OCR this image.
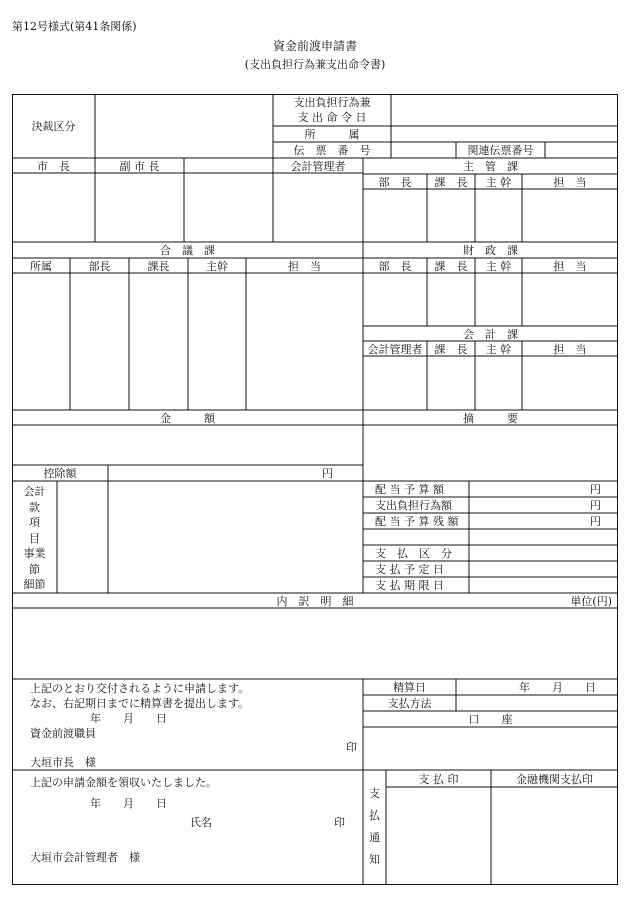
第12号様式(第41条関係)
資金前渡申請書
(支出負担行為兼支出命令書)
決裁区分
支出負担行為兼
支 出 命 令 日
所　　　属
伝　票　番　号	関連伝票番号
市　長	副 市 長	会計管理者	主　管　課
部　長	課　長	主 幹	担　当
合　議　課	財　政　課
所属	部長	課長	主幹	担　当	部　長	課　長	主 幹	担　当
会　計　課
会計管理者	課　長	主 幹	担　当
金　　　額	摘　　　要
控除額	円
会計
款
項
目
事業
節
細節
配 当 予 算 額	円
支出負担行為額	円
配 当 予 算 残 額	円
支　払　区　分
支 払 予 定 日
支 払 期 限 日
内　訳　明　細	単位(円)
上記のとおり交付されるように申請します。
なお、右記期日までに精算書を提出します。
年　　月　　日
資金前渡職員
印
大垣市長　様
精算日	年　　月　　日
支払方法
口　　座
上記の申請金額を領収いたしました。
年　　月　　日
氏名	印
大垣市会計管理者　様
支
払
通
知
支 払 印	金融機関支払印
